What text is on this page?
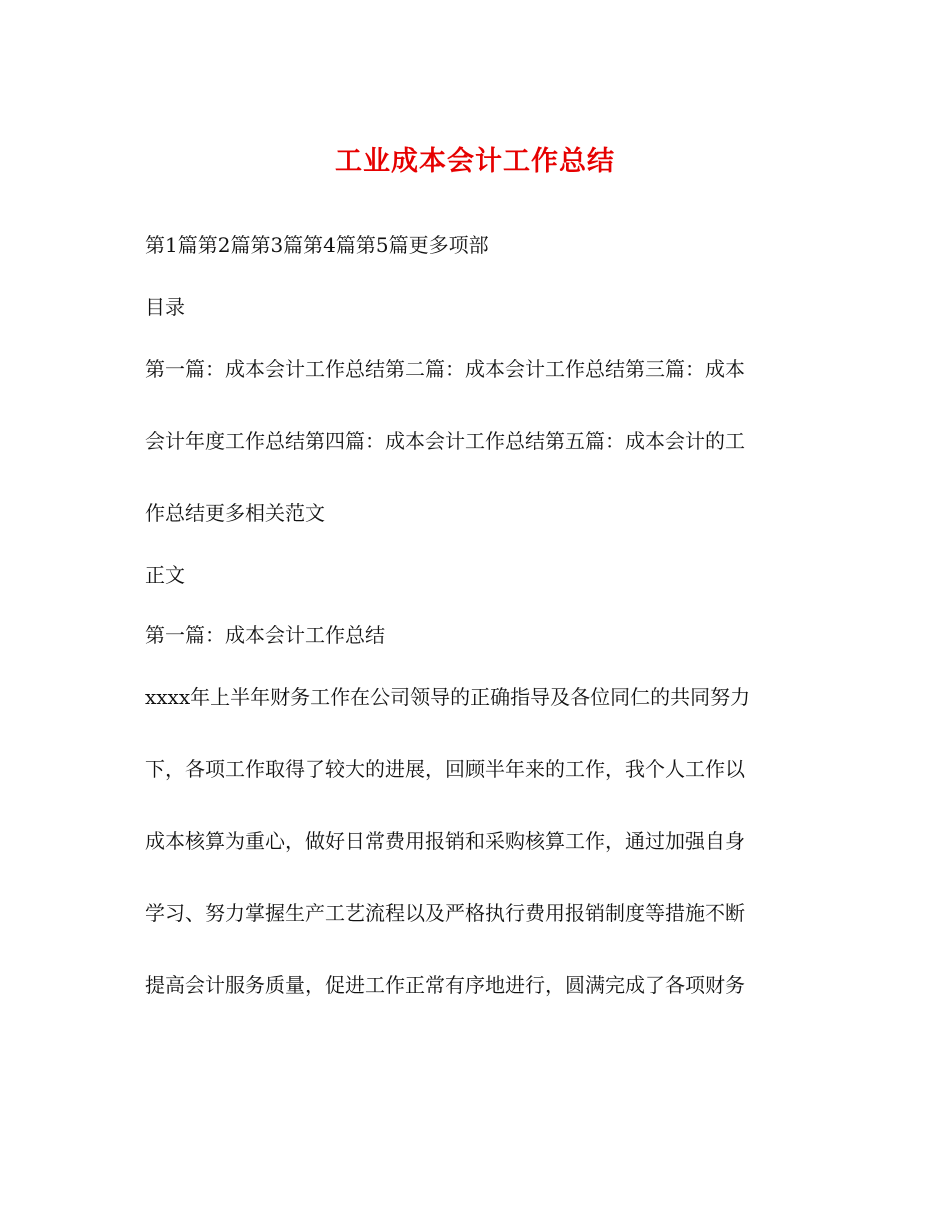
工业成本会计工作总结
第1篇第2篇第3篇第4篇第5篇更多项部
目录
第一篇：成本会计工作总结第二篇：成本会计工作总结第三篇：成本
会计年度工作总结第四篇：成本会计工作总结第五篇：成本会计的工
作总结更多相关范文
正文
第一篇：成本会计工作总结
xxxx年上半年财务工作在公司领导的正确指导及各位同仁的共同努力
下，各项工作取得了较大的进展，回顾半年来的工作，我个人工作以
成本核算为重心，做好日常费用报销和采购核算工作，通过加强自身
学习、努力掌握生产工艺流程以及严格执行费用报销制度等措施不断
提高会计服务质量，促进工作正常有序地进行，圆满完成了各项财务
